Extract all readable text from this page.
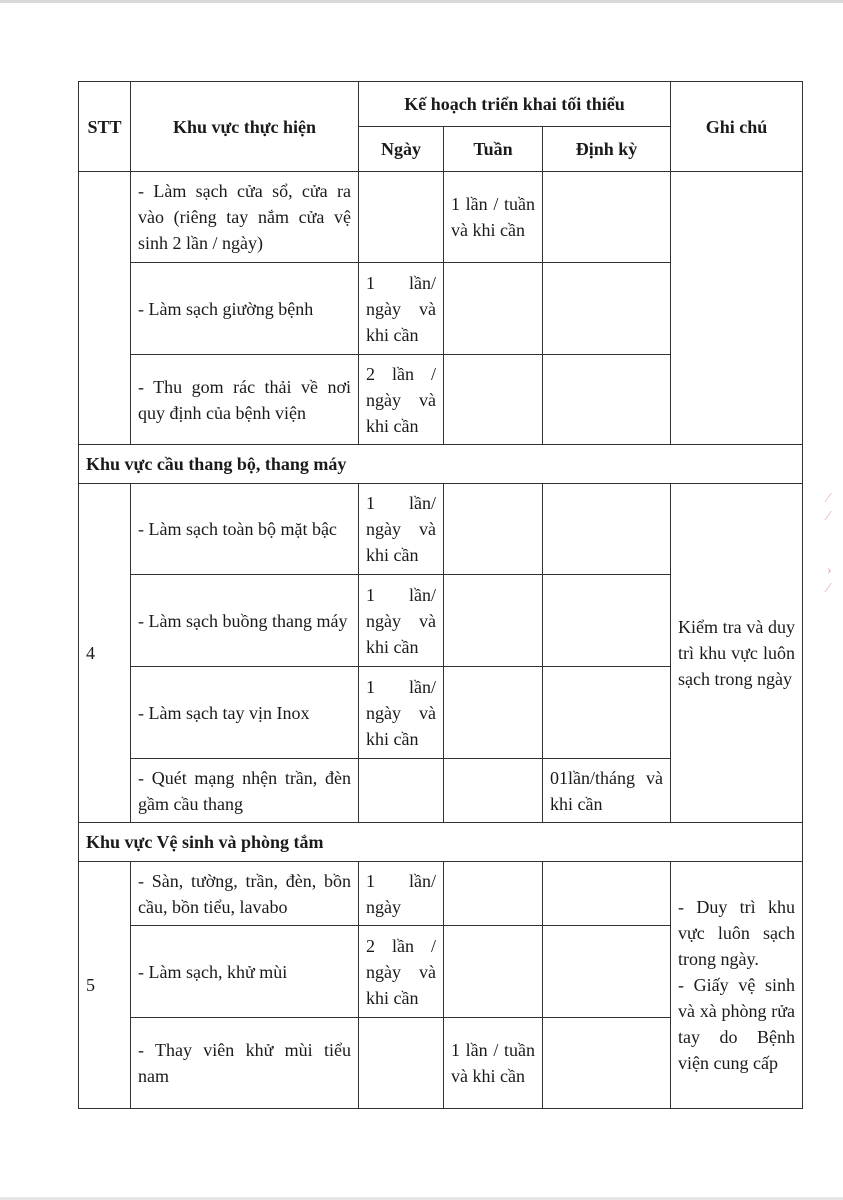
⁄
⁄

›
⁄
STT	Khu vực thực hiện	Kế hoạch triển khai tối thiểu			Ghi chú
		Ngày	Tuần	Định kỳ	
	- Làm sạch cửa sổ, cửa ra vào (riêng tay nắm cửa vệ sinh 2 lần / ngày)		1 lần / tuần và khi cần		
	- Làm sạch giường bệnh	1 lần/ ngày và khi cần			
	- Thu gom rác thải về nơi quy định của bệnh viện	2 lần / ngày và khi cần			
Khu vực cầu thang bộ, thang máy					
4	- Làm sạch toàn bộ mặt bậc	1 lần/ ngày và khi cần			Kiểm tra và duy trì khu vực luôn sạch trong ngày
	- Làm sạch buồng thang máy	1 lần/ ngày và khi cần			
	- Làm sạch tay vịn Inox	1 lần/ ngày và khi cần			
	- Quét mạng nhện trần, đèn gầm cầu thang			01lần/tháng và khi cần	
Khu vực Vệ sinh và phòng tắm					
5	- Sàn, tường, trần, đèn, bồn cầu, bồn tiểu, lavabo	1 lần/ ngày			- Duy trì khu vực luôn sạch trong ngày.

- Giấy vệ sinh và xà phòng rửa tay do Bệnh viện cung cấp

	- Làm sạch, khử mùi	2 lần / ngày và khi cần			
	- Thay viên khử mùi tiểu nam		1 lần / tuần và khi cần		
